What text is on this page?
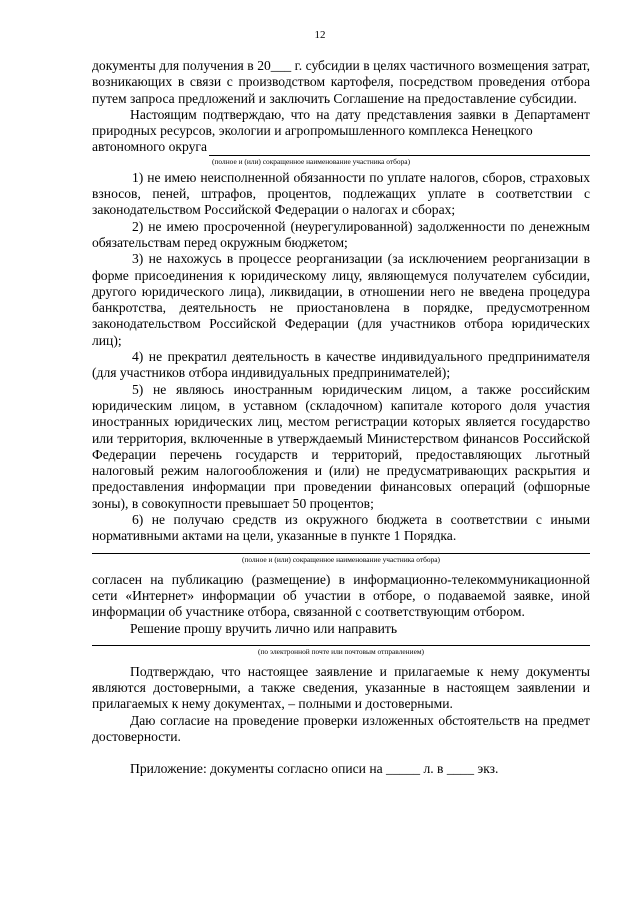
12

документы для получения в 20___ г. субсидии в целях частичного возмещения затрат, возникающих в связи с производством картофеля, посредством проведения отбора путем запроса предложений и заключить Соглашение на предоставление субсидии.

Настоящим подтверждаю, что на дату представления заявки в Департамент природных ресурсов, экологии и агропромышленного комплекса Ненецкого

автономного округа
(полное и (или) сокращенное наименование участника отбора)

1) не имею неисполненной обязанности по уплате налогов, сборов, страховых взносов, пеней, штрафов, процентов, подлежащих уплате в соответствии с законодательством Российской Федерации о налогах и сборах;

2) не имею просроченной (неурегулированной) задолженности по денежным обязательствам перед окружным бюджетом;

3) не нахожусь в процессе реорганизации (за исключением реорганизации в форме присоединения к юридическому лицу, являющемуся получателем субсидии, другого юридического лица), ликвидации, в отношении него не введена процедура банкротства, деятельность не приостановлена в порядке, предусмотренном законодательством Российской Федерации (для участников отбора юридических лиц);

4) не прекратил деятельность в качестве индивидуального предпринимателя (для участников отбора индивидуальных предпринимателей);

5) не являюсь иностранным юридическим лицом, а также российским юридическим лицом, в уставном (складочном) капитале которого доля участия иностранных юридических лиц, местом регистрации которых является государство или территория, включенные в утверждаемый Министерством финансов Российской Федерации перечень государств и территорий, предоставляющих льготный налоговый режим налогообложения и (или) не предусматривающих раскрытия и предоставления информации при проведении финансовых операций (офшорные зоны), в совокупности превышает 50 процентов;

6) не получаю средств из окружного бюджета в соответствии с иными нормативными актами на цели, указанные в пункте 1 Порядка.

(полное и (или) сокращенное наименование участника отбора)

согласен на публикацию (размещение) в информационно-телекоммуникационной сети «Интернет» информации об участии в отборе, о подаваемой заявке, иной информации об участнике отбора, связанной с соответствующим отбором.

Решение прошу вручить лично или направить

(по электронной почте или почтовым отправлением)

Подтверждаю, что настоящее заявление и прилагаемые к нему документы являются достоверными, а также сведения, указанные в настоящем заявлении и прилагаемых к нему документах, – полными и достоверными.

Даю согласие на проведение проверки изложенных обстоятельств на предмет достоверности.

Приложение: документы согласно описи на _____ л. в ____ экз.
